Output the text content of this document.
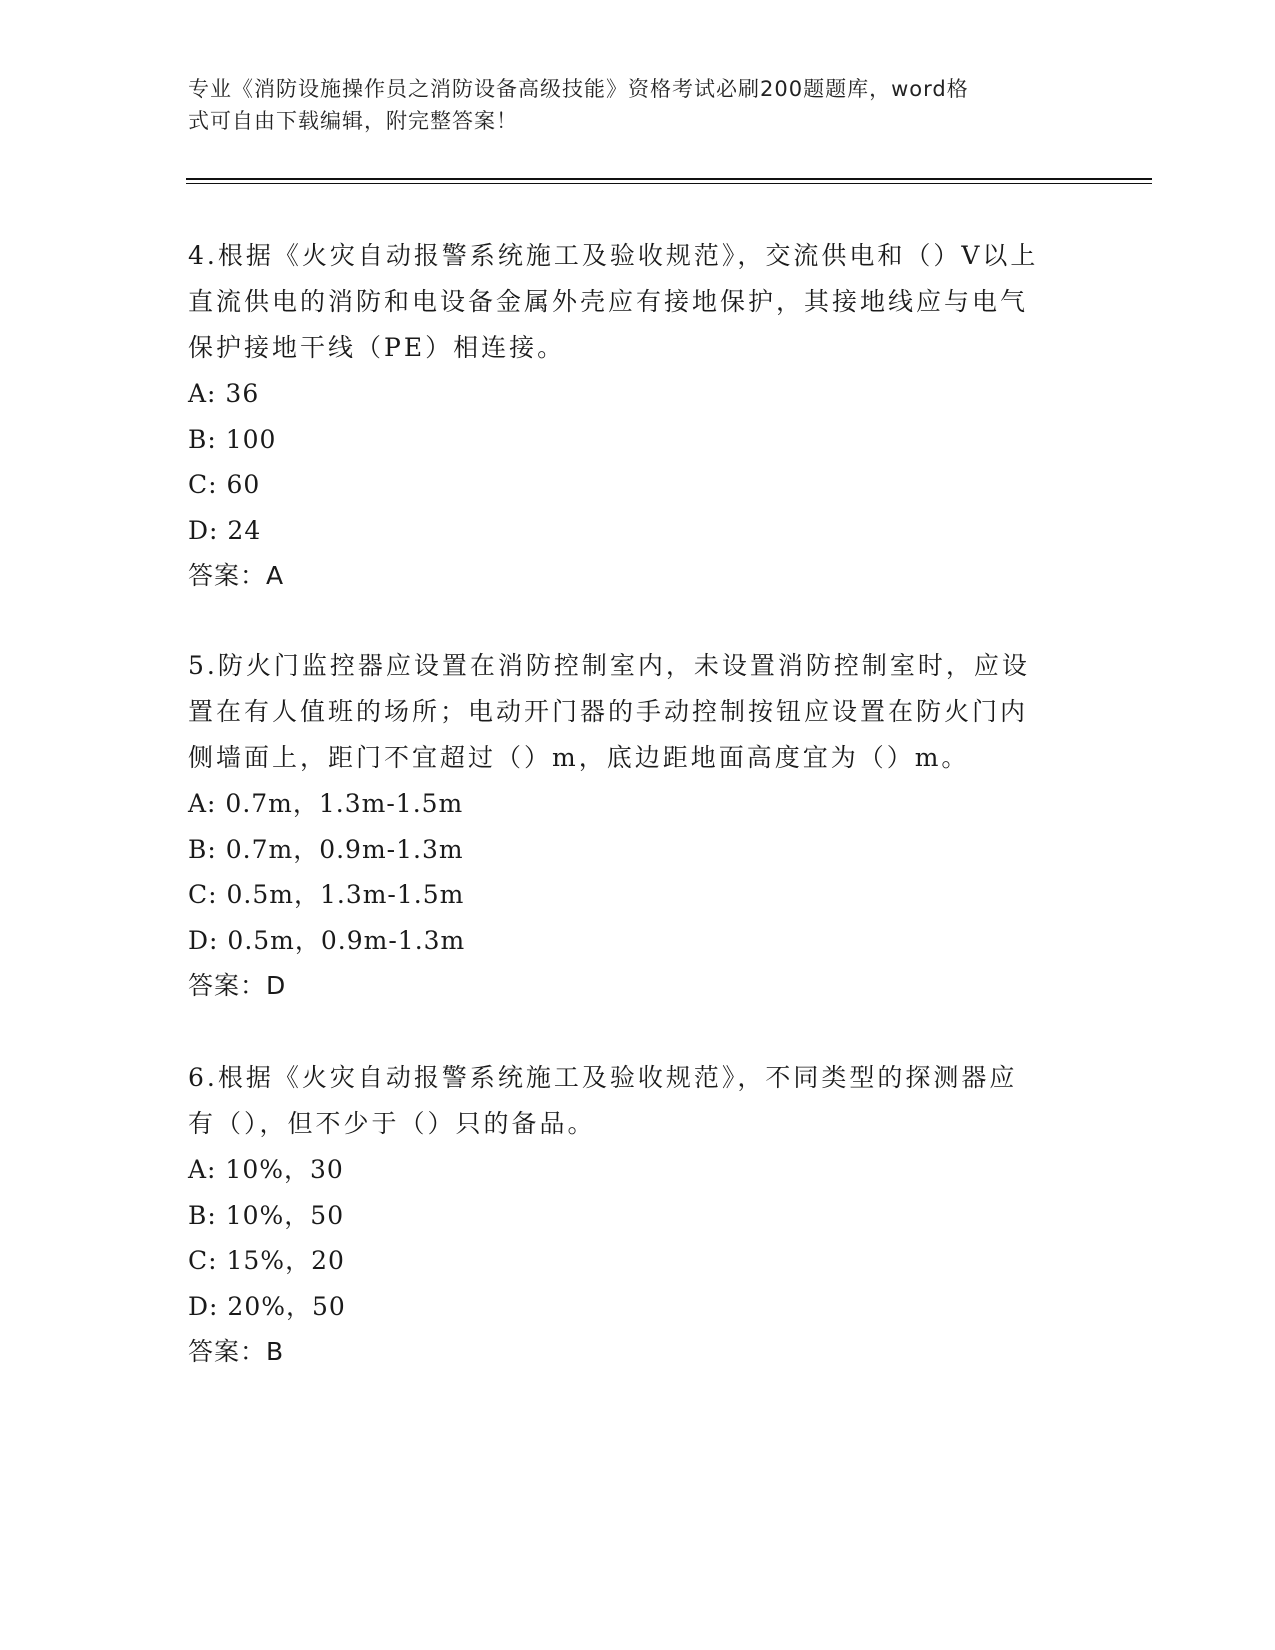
专业《消防设施操作员之消防设备高级技能》资格考试必刷200题题库，word格
式可自由下载编辑，附完整答案！

4.根据《火灾自动报警系统施工及验收规范》，交流供电和（）V以上

直流供电的消防和电设备金属外壳应有接地保护，其接地线应与电气

保护接地干线（PE）相连接。

A: 36

B: 100

C: 60

D: 24

答案：A

5.防火门监控器应设置在消防控制室内，未设置消防控制室时，应设

置在有人值班的场所；电动开门器的手动控制按钮应设置在防火门内

侧墙面上，距门不宜超过（）m，底边距地面高度宜为（）m。

A: 0.7m，1.3m-1.5m

B: 0.7m，0.9m-1.3m

C: 0.5m，1.3m-1.5m

D: 0.5m，0.9m-1.3m

答案：D

6.根据《火灾自动报警系统施工及验收规范》，不同类型的探测器应

有（），但不少于（）只的备品。

A: 10%，30

B: 10%，50

C: 15%，20

D: 20%，50

答案：B
